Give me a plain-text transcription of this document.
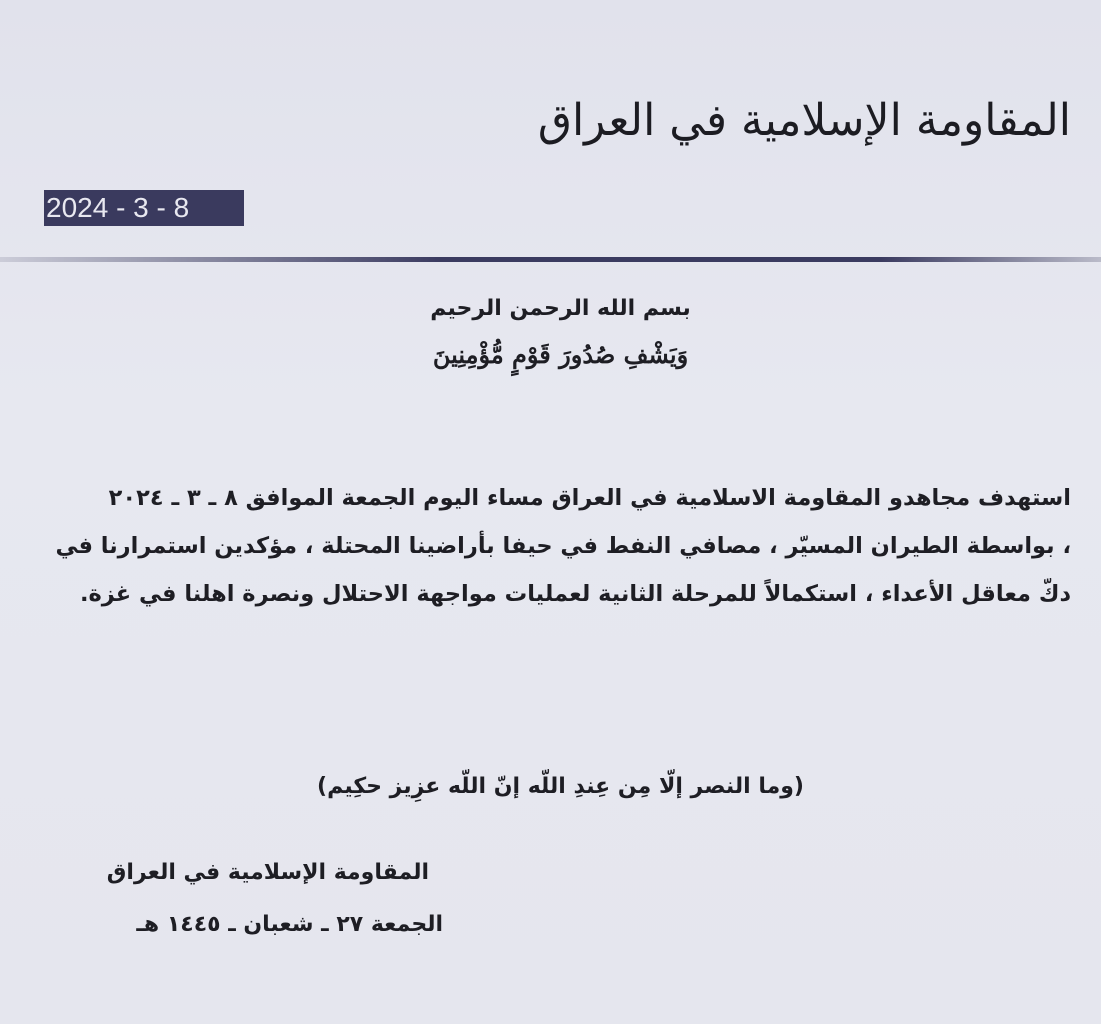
المقاومة الإسلامية في العراق
2024 - 3 - 8
بسم الله الرحمن الرحيم
وَيَشْفِ صُدُورَ قَوْمٍ مُّؤْمِنِينَ
استهدف مجاهدو المقاومة الاسلامية في العراق مساء اليوم الجمعة الموافق ٨ ـ ٣ ـ ٢٠٢٤
، بواسطة الطيران المسيّر ، مصافي النفط في حيفا بأراضينا المحتلة ، مؤكدين استمرارنا في
دكّ معاقل الأعداء ، استكمالاً للمرحلة الثانية لعمليات مواجهة الاحتلال ونصرة اهلنا في غزة.
(وما النصر إلّا مِن عِندِ اللّه إنّ اللّه عزِيز حكِيم)
المقاومة الإسلامية في العراق
الجمعة ٢٧ ـ شعبان ـ ١٤٤٥ هـ
